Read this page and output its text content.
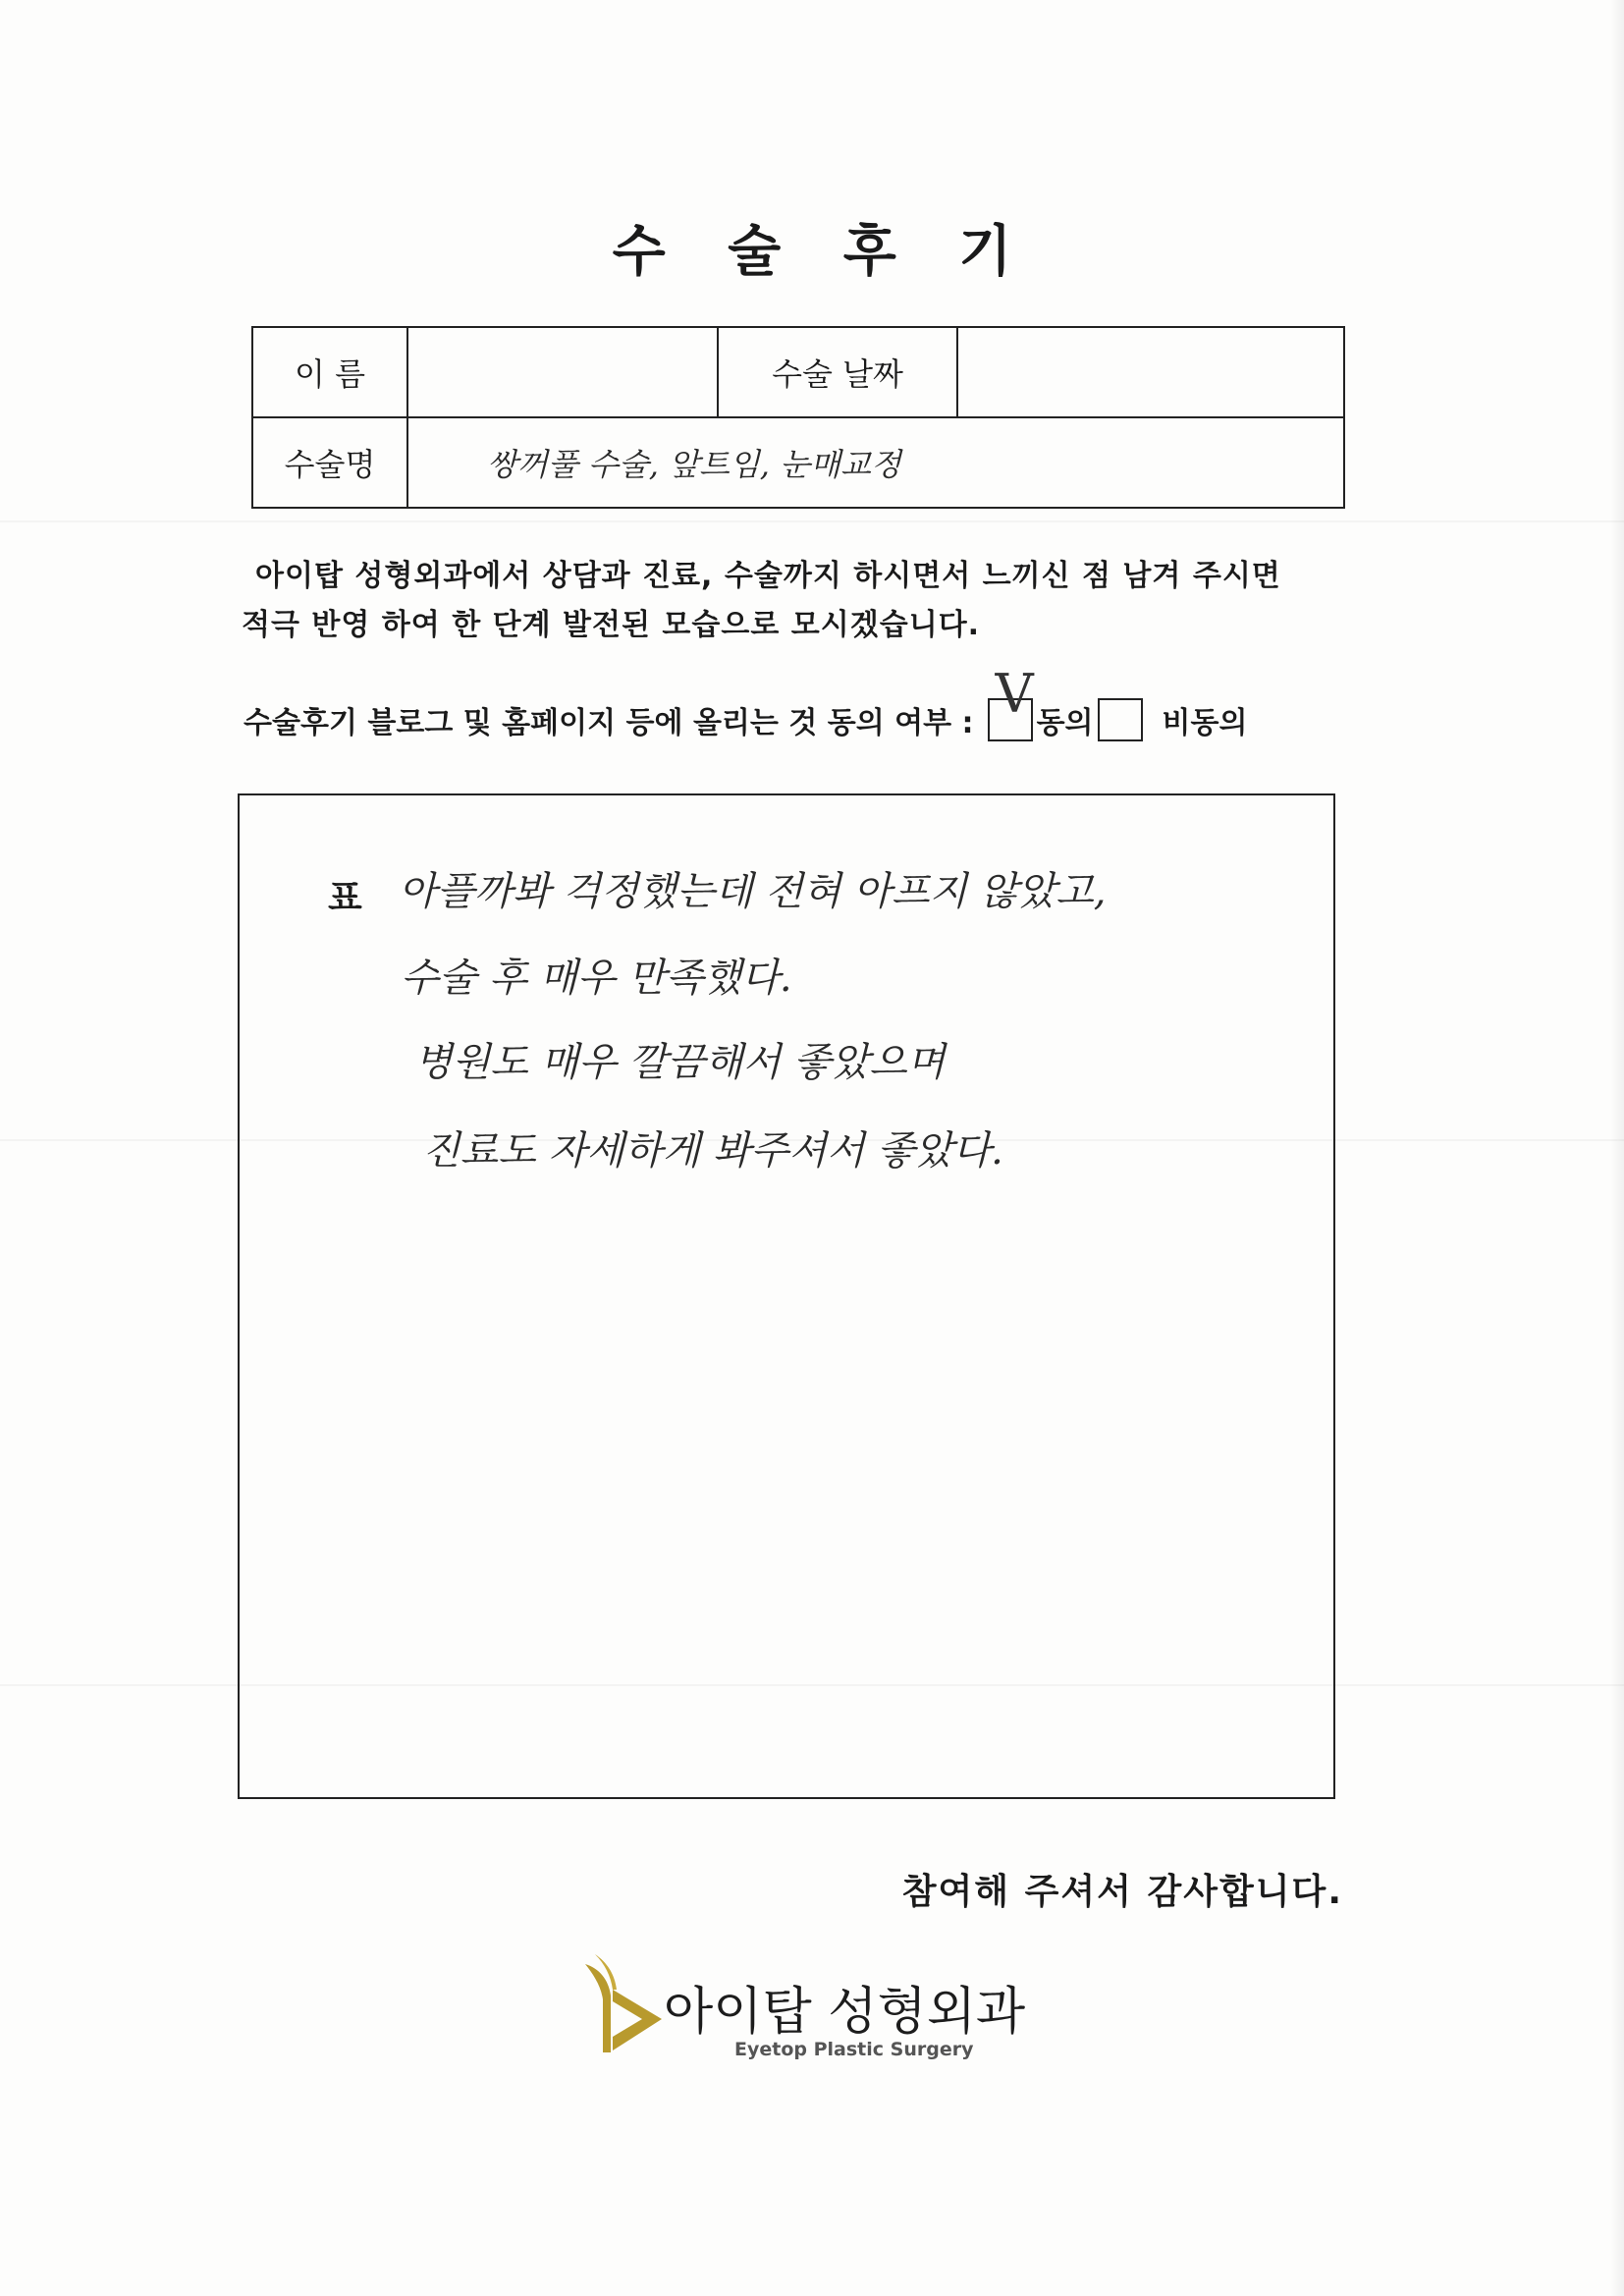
수 술 후 기
이 름		수술 날짜	
수술명	쌍꺼풀 수술, 앞트임, 눈매교정		
아이탑 성형외과에서 상담과 진료, 수술까지 하시면서 느끼신 점 남겨 주시면
적극 반영 하여 한 단계 발전된 모습으로 모시겠습니다.
수술후기 블로그 및 홈페이지 등에 올리는 것 동의 여부 : V 동의 비동의
표 아플까봐 걱정했는데 전혀 아프지 않았고,
수술 후 매우 만족했다.
병원도 매우 깔끔해서 좋았으며
진료도 자세하게 봐주셔서 좋았다.
참여해 주셔서 감사합니다.
아이탑 성형외과
Eyetop Plastic Surgery
